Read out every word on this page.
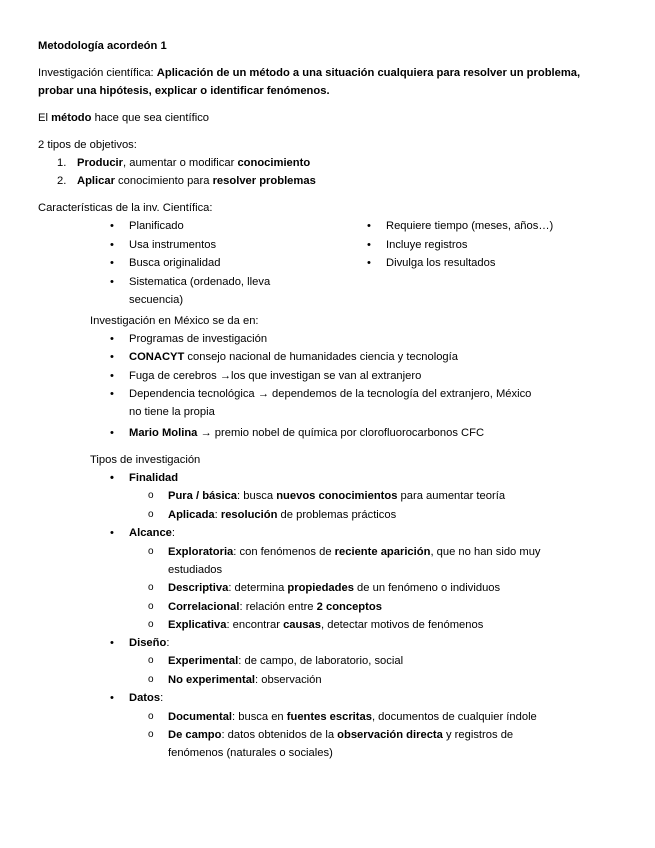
Metodología acordeón 1
Investigación científica: Aplicación de un método a una situación cualquiera para resolver un problema,
probar una hipótesis, explicar o identificar fenómenos.
El método hace que sea científico
2 tipos de objetivos:
1. Producir, aumentar o modificar conocimiento
2. Aplicar conocimiento para resolver problemas
Características de la inv. Científica:
• Planificado
• Usa instrumentos
• Busca originalidad
• Sistematica (ordenado, lleva
secuencia)
• Requiere tiempo (meses, años…)
• Incluye registros
• Divulga los resultados
Investigación en México se da en:
• Programas de investigación
• CONACYT consejo nacional de humanidades ciencia y tecnología
• Fuga de cerebros →los que investigan se van al extranjero
• Dependencia tecnológica → dependemos de la tecnología del extranjero, México
no tiene la propia
• Mario Molina → premio nobel de química por clorofluorocarbonos CFC
Tipos de investigación
• Finalidad
o Pura / básica: busca nuevos conocimientos para aumentar teoría
o Aplicada: resolución de problemas prácticos
• Alcance:
o Exploratoria: con fenómenos de reciente aparición, que no han sido muy
estudiados
o Descriptiva: determina propiedades de un fenómeno o individuos
o Correlacional: relación entre 2 conceptos
o Explicativa: encontrar causas, detectar motivos de fenómenos
• Diseño:
o Experimental: de campo, de laboratorio, social
o No experimental: observación
• Datos:
o Documental: busca en fuentes escritas, documentos de cualquier índole
o De campo: datos obtenidos de la observación directa y registros de
fenómenos (naturales o sociales)
